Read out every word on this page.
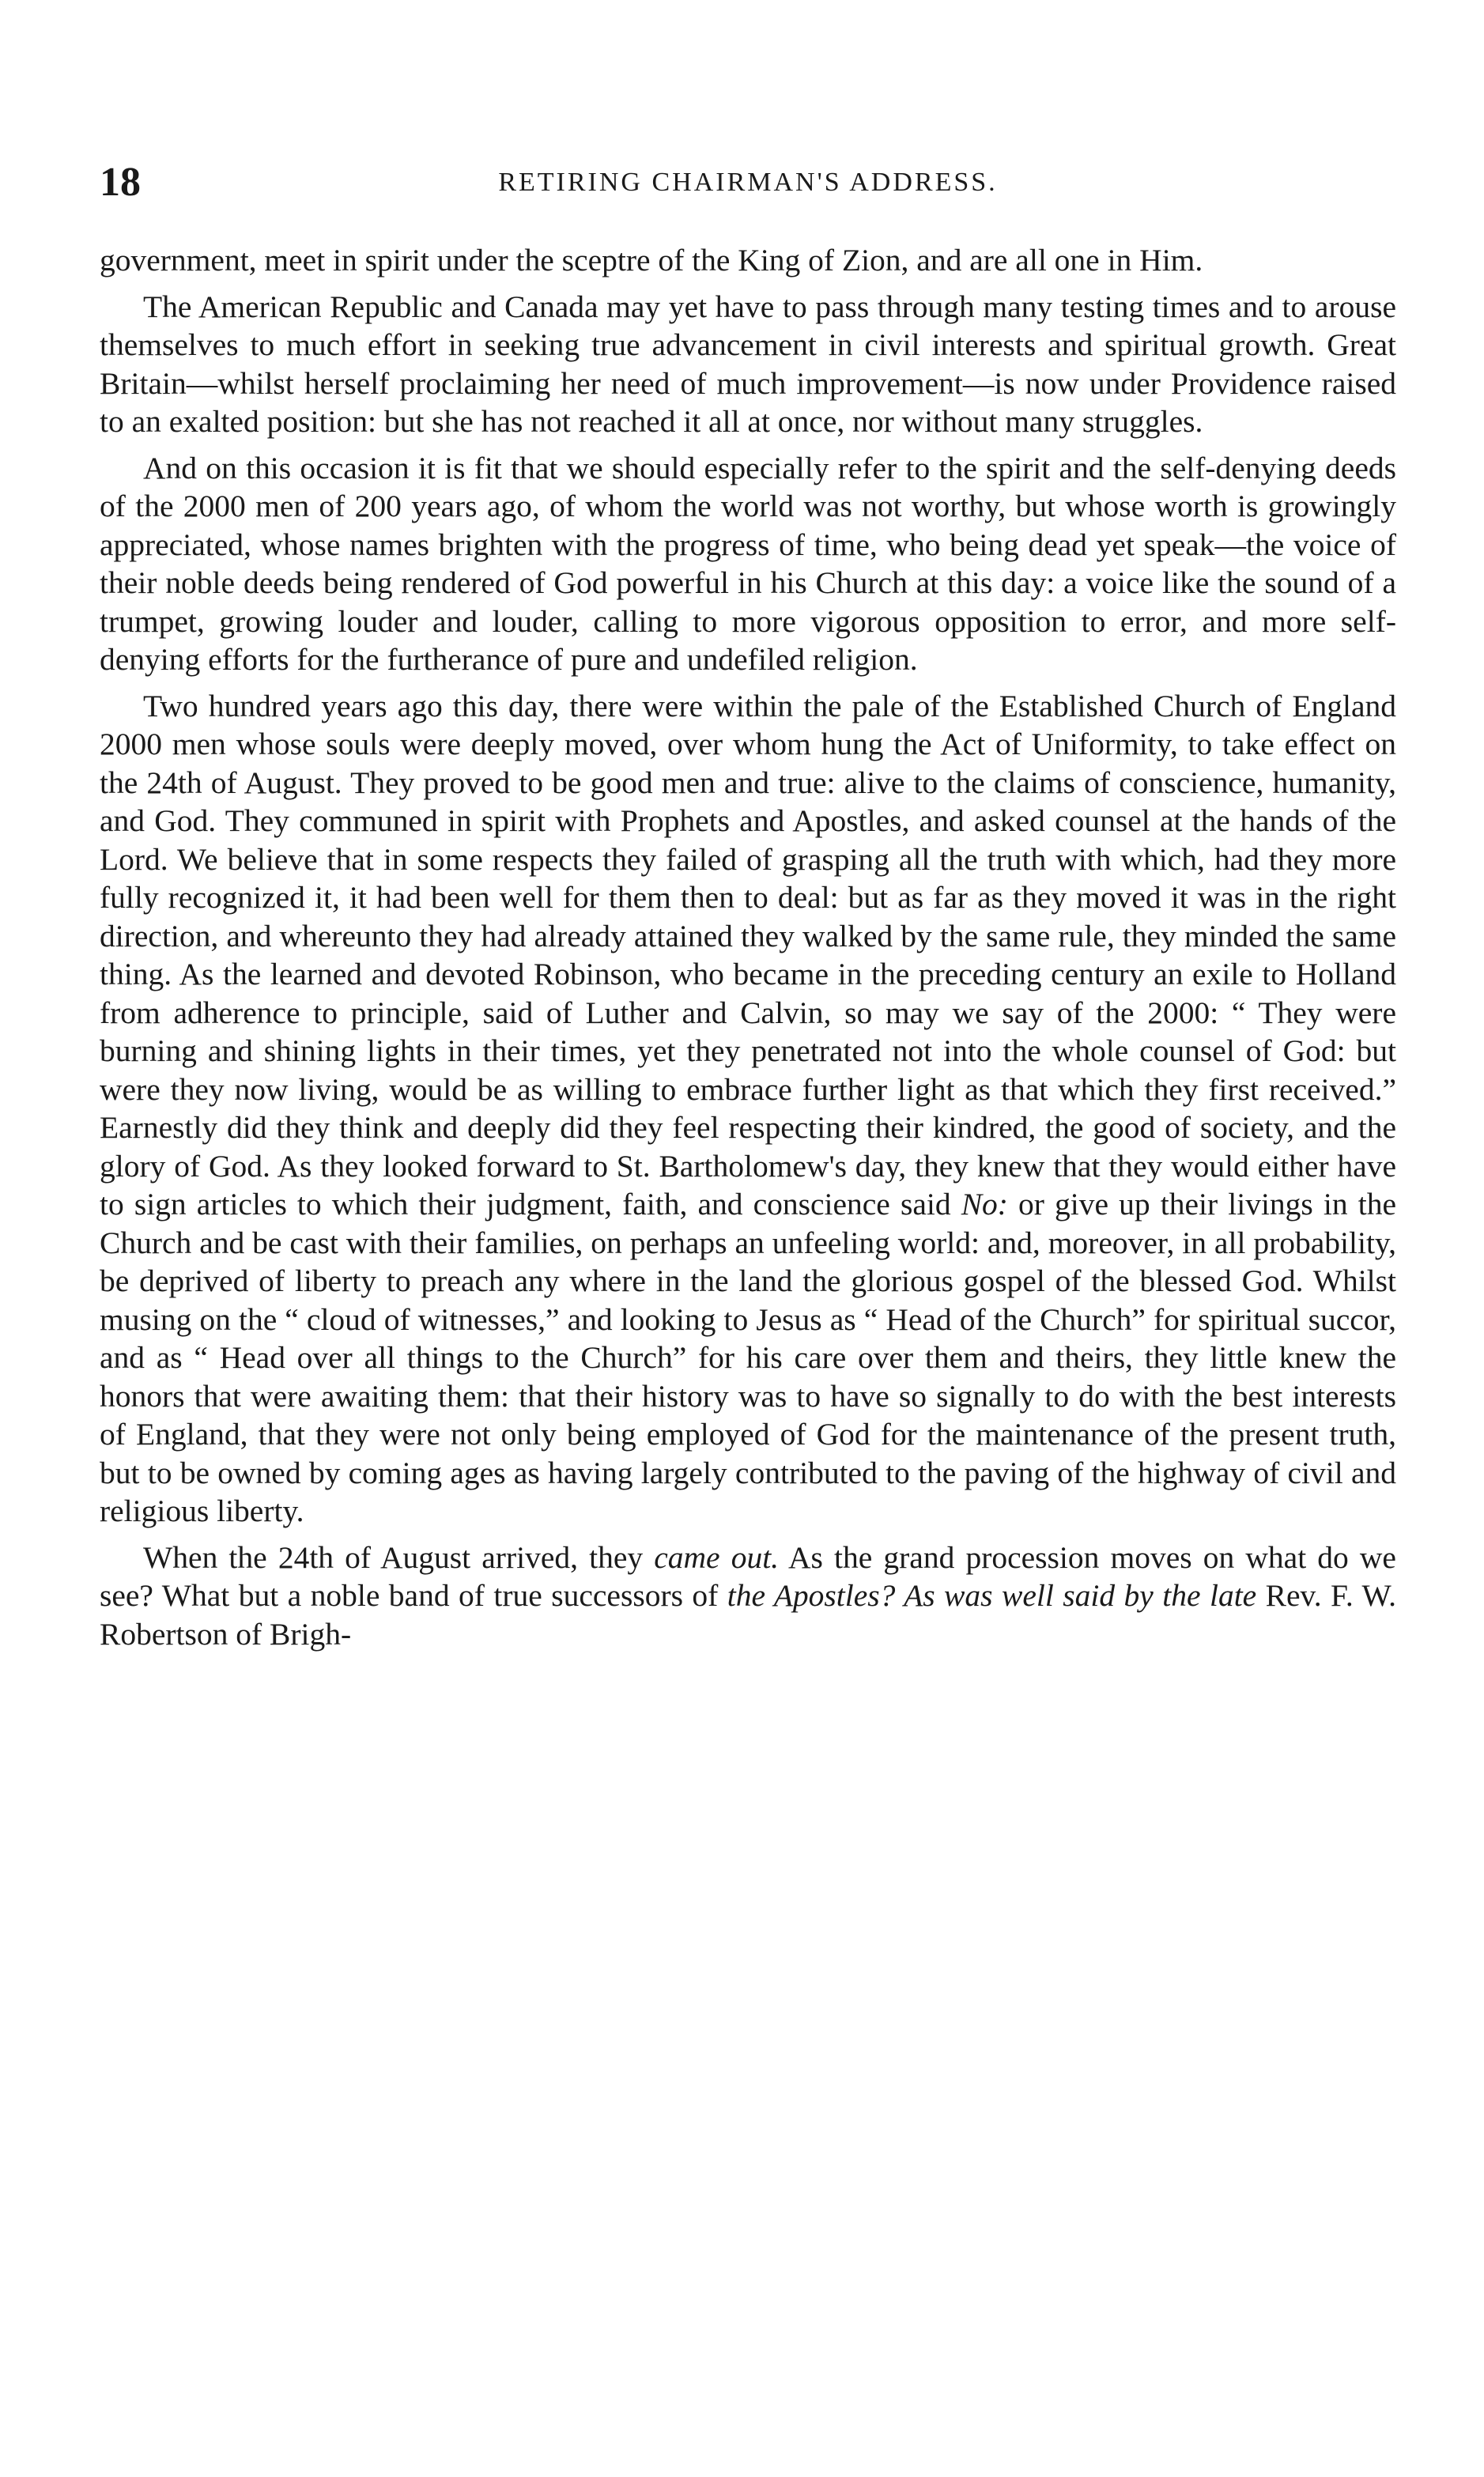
18	RETIRING CHAIRMAN'S ADDRESS.

government, meet in spirit under the sceptre of the King of Zion, and are all one in Him.

The American Republic and Canada may yet have to pass through many testing times and to arouse themselves to much effort in seeking true advancement in civil interests and spiritual growth. Great Britain—whilst herself proclaiming her need of much improvement—is now under Providence raised to an exalted position: but she has not reached it all at once, nor without many struggles.

And on this occasion it is fit that we should especially refer to the spirit and the self-denying deeds of the 2000 men of 200 years ago, of whom the world was not worthy, but whose worth is growingly appreciated, whose names brighten with the progress of time, who being dead yet speak—the voice of their noble deeds being rendered of God powerful in his Church at this day: a voice like the sound of a trumpet, growing louder and louder, calling to more vigorous opposition to error, and more self-denying efforts for the furtherance of pure and undefiled religion.

Two hundred years ago this day, there were within the pale of the Established Church of England 2000 men whose souls were deeply moved, over whom hung the Act of Uniformity, to take effect on the 24th of August. They proved to be good men and true: alive to the claims of conscience, humanity, and God. They communed in spirit with Prophets and Apostles, and asked counsel at the hands of the Lord. We believe that in some respects they failed of grasping all the truth with which, had they more fully recognized it, it had been well for them then to deal: but as far as they moved it was in the right direction, and whereunto they had already attained they walked by the same rule, they minded the same thing. As the learned and devoted Robinson, who became in the preceding century an exile to Holland from adherence to principle, said of Luther and Calvin, so may we say of the 2000: “ They were burning and shining lights in their times, yet they penetrated not into the whole counsel of God: but were they now living, would be as willing to embrace further light as that which they first received.” Earnestly did they think and deeply did they feel respecting their kindred, the good of society, and the glory of God. As they looked forward to St. Bartholomew's day, they knew that they would either have to sign articles to which their judgment, faith, and conscience said No: or give up their livings in the Church and be cast with their families, on perhaps an unfeeling world: and, moreover, in all probability, be deprived of liberty to preach any where in the land the glorious gospel of the blessed God. Whilst musing on the “ cloud of witnesses,” and looking to Jesus as “ Head of the Church” for spiritual succor, and as “ Head over all things to the Church” for his care over them and theirs, they little knew the honors that were awaiting them: that their history was to have so signally to do with the best interests of England, that they were not only being employed of God for the maintenance of the present truth, but to be owned by coming ages as having largely contributed to the paving of the highway of civil and religious liberty.

When the 24th of August arrived, they came out. As the grand procession moves on what do we see? What but a noble band of true successors of the Apostles? As was well said by the late Rev. F. W. Robertson of Brigh-
